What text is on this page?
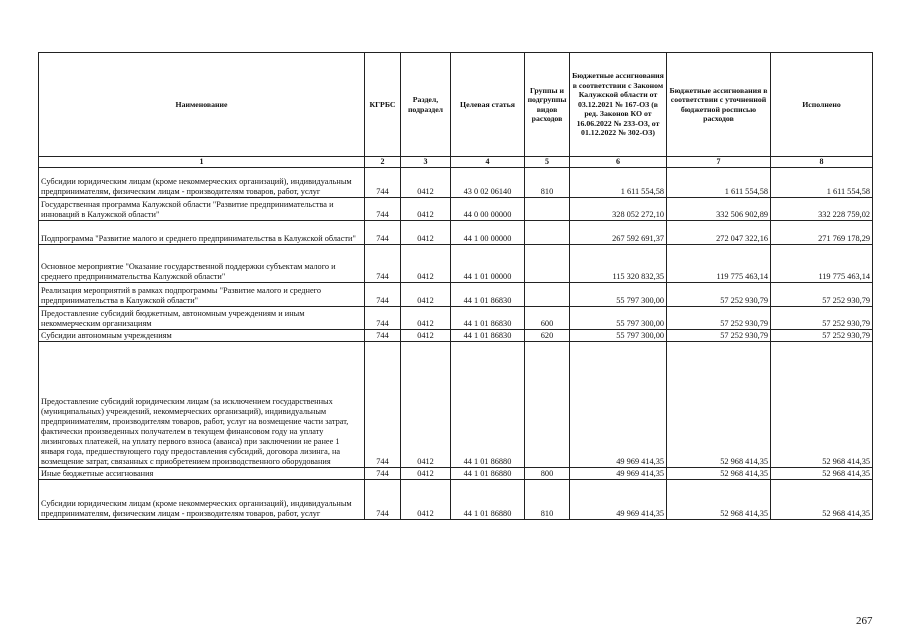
Наименование	КГРБС	Раздел, подраздел	Целевая статья	Группы и подгруппы видов расходов	Бюджетные ассигнования в соответствии с Законом Калужской области от 03.12.2021 № 167-ОЗ (в ред. Законов КО от 16.06.2022 № 233-ОЗ, от 01.12.2022 № 302-ОЗ)	Бюджетные ассигнования в соответствии с уточненной бюджетной росписью расходов	Исполнено
1	2	3	4	5	6	7	8
Субсидии юридическим лицам (кроме некоммерческих организаций), индивидуальным предпринимателям, физическим лицам - производителям товаров, работ, услуг	744	0412	43 0 02 06140	810	1 611 554,58	1 611 554,58	1 611 554,58
Государственная программа Калужской области "Развитие предпринимательства и инноваций в Калужской области"	744	0412	44 0 00 00000		328 052 272,10	332 506 902,89	332 228 759,02
Подпрограмма "Развитие малого и среднего предпринимательства в Калужской области"	744	0412	44 1 00 00000		267 592 691,37	272 047 322,16	271 769 178,29
Основное мероприятие "Оказание государственной поддержки субъектам малого и среднего предпринимательства Калужской области"	744	0412	44 1 01 00000		115 320 832,35	119 775 463,14	119 775 463,14
Реализация мероприятий в рамках подпрограммы "Развитие малого и среднего предпринимательства в Калужской области"	744	0412	44 1 01 86830		55 797 300,00	57 252 930,79	57 252 930,79
Предоставление субсидий бюджетным, автономным учреждениям и иным некоммерческим организациям	744	0412	44 1 01 86830	600	55 797 300,00	57 252 930,79	57 252 930,79
Субсидии автономным учреждениям	744	0412	44 1 01 86830	620	55 797 300,00	57 252 930,79	57 252 930,79
Предоставление субсидий юридическим лицам (за исключением государственных (муниципальных) учреждений, некоммерческих организаций), индивидуальным предпринимателям, производителям товаров, работ, услуг на возмещение части затрат, фактически произведенных получателем в текущем финансовом году на уплату лизинговых платежей, на уплату первого взноса (аванса) при заключении не ранее 1 января года, предшествующего году предоставления субсидий, договора лизинга, на возмещение затрат, связанных с приобретением производственного оборудования	744	0412	44 1 01 86880		49 969 414,35	52 968 414,35	52 968 414,35
Иные бюджетные ассигнования	744	0412	44 1 01 86880	800	49 969 414,35	52 968 414,35	52 968 414,35
Субсидии юридическим лицам (кроме некоммерческих организаций), индивидуальным предпринимателям, физическим лицам - производителям товаров, работ, услуг	744	0412	44 1 01 86880	810	49 969 414,35	52 968 414,35	52 968 414,35
267
